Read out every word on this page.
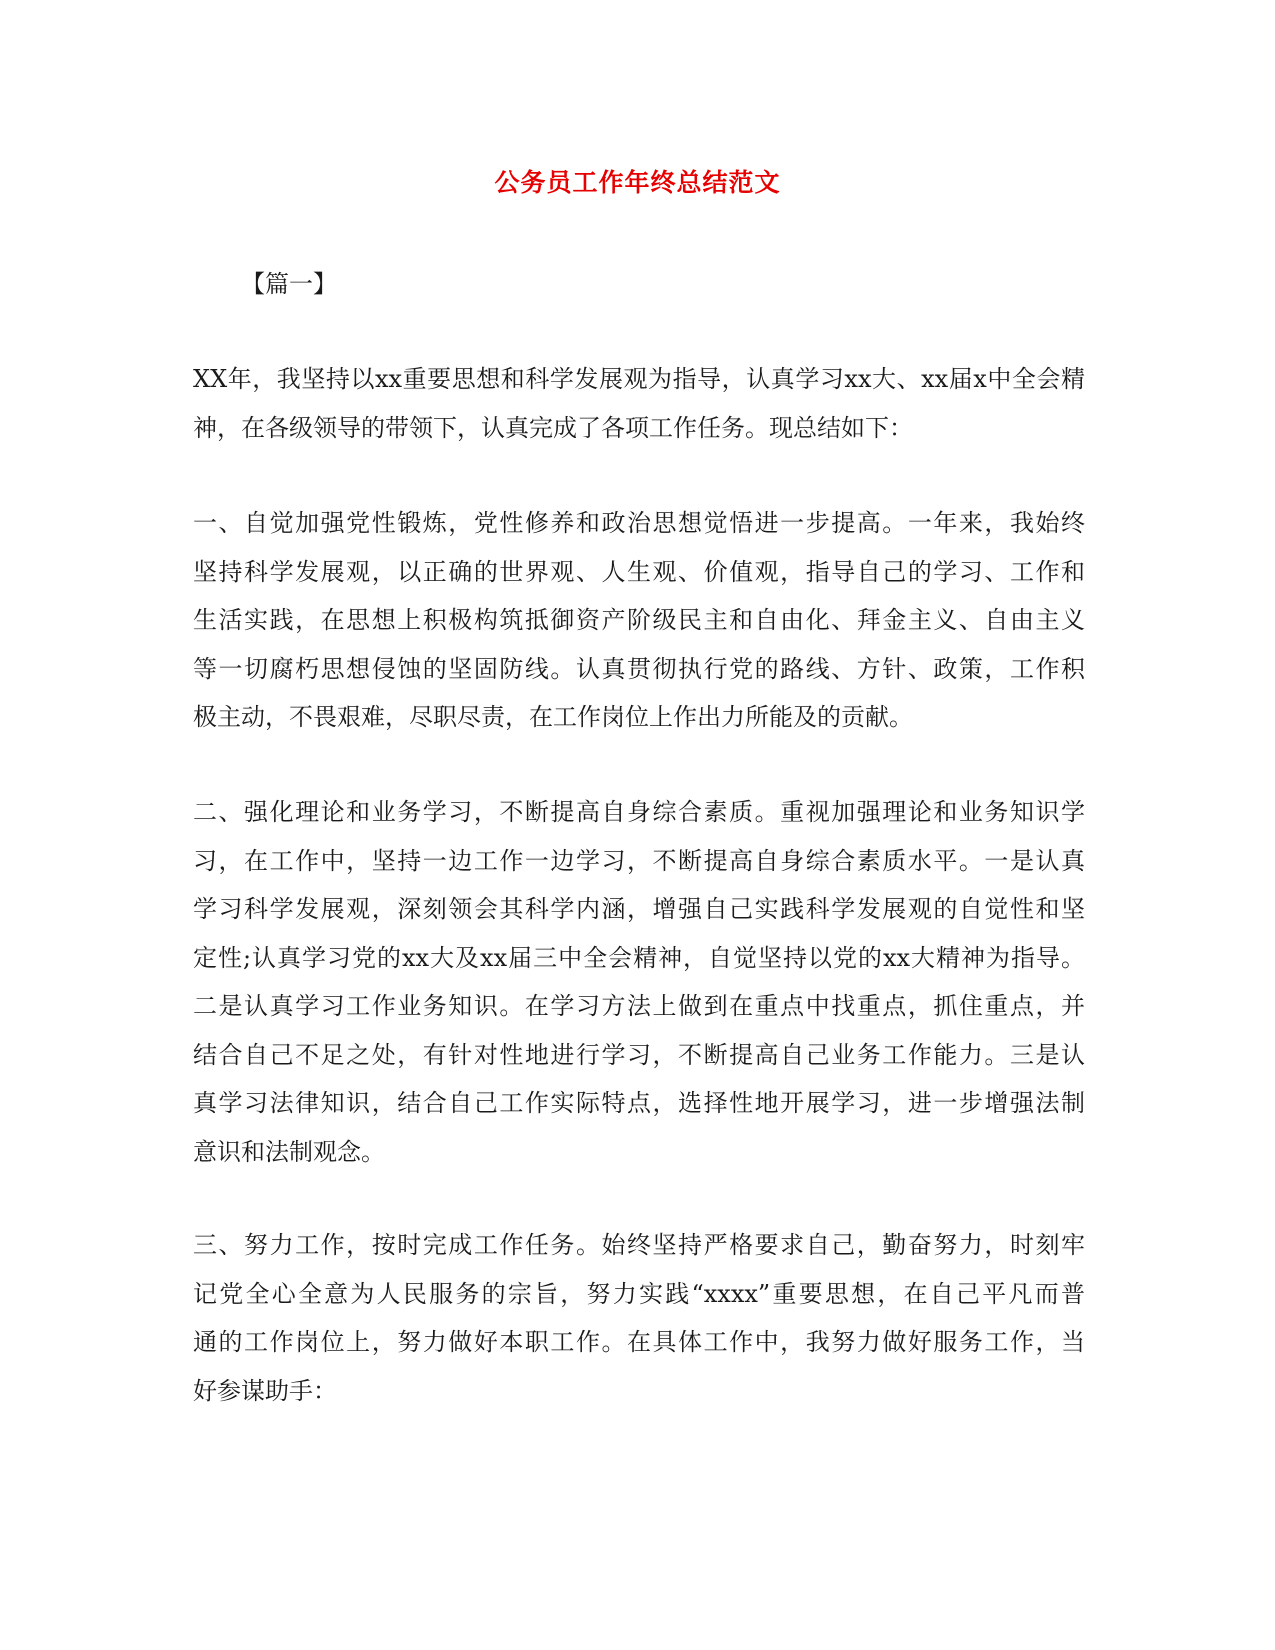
公务员工作年终总结范文
【篇一】
XX年，我坚持以xx重要思想和科学发展观为指导，认真学习xx大、xx届x中全会精
神，在各级领导的带领下，认真完成了各项工作任务。现总结如下：
一、自觉加强党性锻炼，党性修养和政治思想觉悟进一步提高。一年来，我始终
坚持科学发展观，以正确的世界观、人生观、价值观，指导自己的学习、工作和
生活实践，在思想上积极构筑抵御资产阶级民主和自由化、拜金主义、自由主义
等一切腐朽思想侵蚀的坚固防线。认真贯彻执行党的路线、方针、政策，工作积
极主动，不畏艰难，尽职尽责，在工作岗位上作出力所能及的贡献。
二、强化理论和业务学习，不断提高自身综合素质。重视加强理论和业务知识学
习，在工作中，坚持一边工作一边学习，不断提高自身综合素质水平。一是认真
学习科学发展观，深刻领会其科学内涵，增强自己实践科学发展观的自觉性和坚
定性;认真学习党的xx大及xx届三中全会精神，自觉坚持以党的xx大精神为指导。
二是认真学习工作业务知识。在学习方法上做到在重点中找重点，抓住重点，并
结合自己不足之处，有针对性地进行学习，不断提高自己业务工作能力。三是认
真学习法律知识，结合自己工作实际特点，选择性地开展学习，进一步增强法制
意识和法制观念。
三、努力工作，按时完成工作任务。始终坚持严格要求自己，勤奋努力，时刻牢
记党全心全意为人民服务的宗旨，努力实践“xxxx”重要思想，在自己平凡而普
通的工作岗位上，努力做好本职工作。在具体工作中，我努力做好服务工作，当
好参谋助手：
